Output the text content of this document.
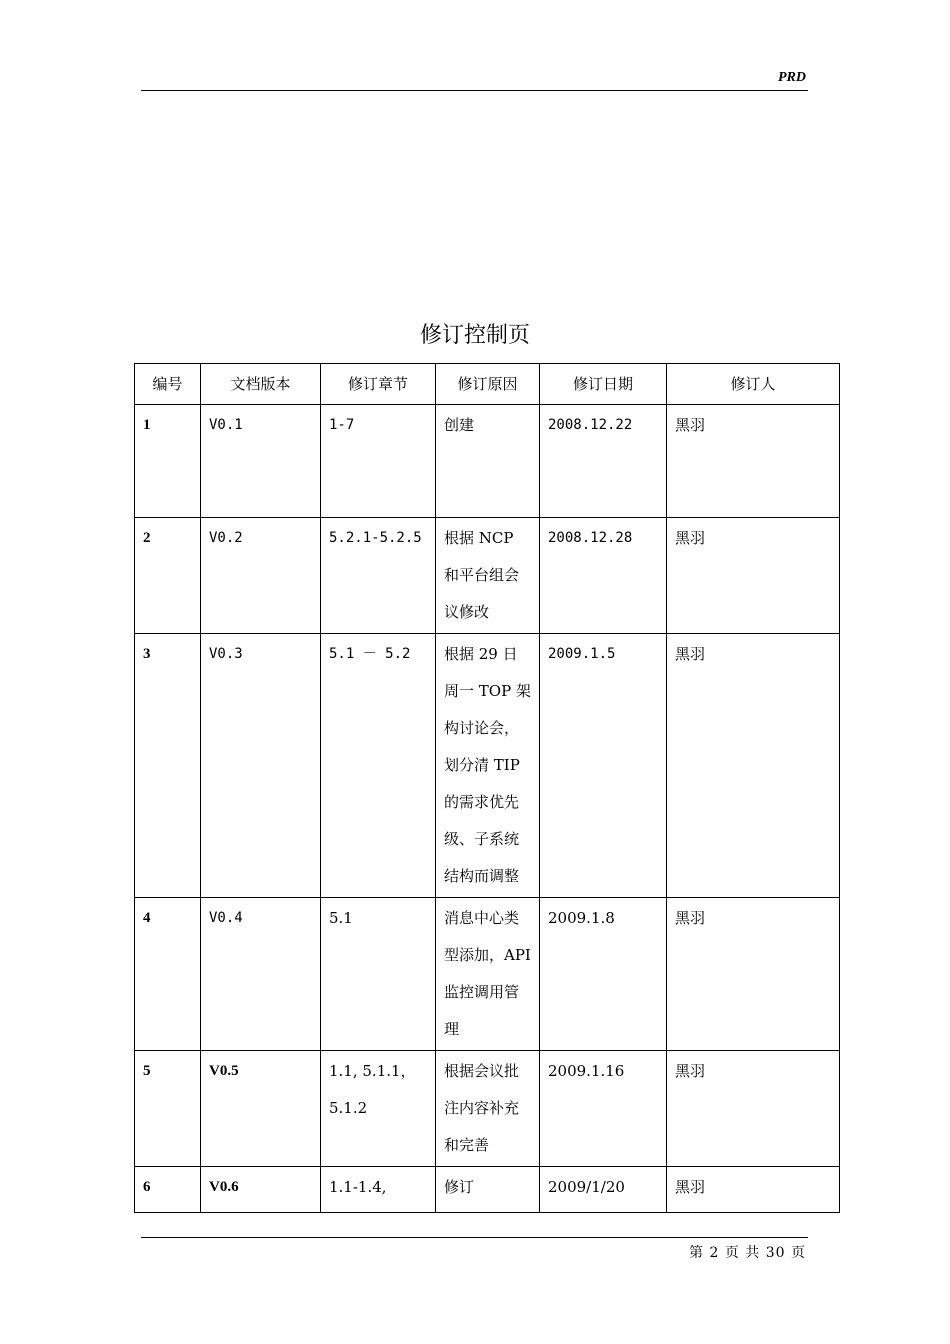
PRD
修订控制页
编号	文档版本	修订章节	修订原因	修订日期	修订人
1	V0.1	1-7	创建	2008.12.22	黑羽
2	V0.2	5.2.1-5.2.5	根据 NCP 和平台组会议修改	2008.12.28	黑羽
3	V0.3	5.1 － 5.2	根据 29 日周一 TOP 架构讨论会，划分清 TIP 的需求优先级、子系统结构而调整	2009.1.5	黑羽
4	V0.4	5.1	消息中心类型添加，API 监控调用管理	2009.1.8	黑羽
5	V0.5	1.1, 5.1.1，5.1.2	根据会议批注内容补充和完善	2009.1.16	黑羽
6	V0.6	1.1-1.4,	修订	2009/1/20	黑羽
第 2 页 共 30 页
